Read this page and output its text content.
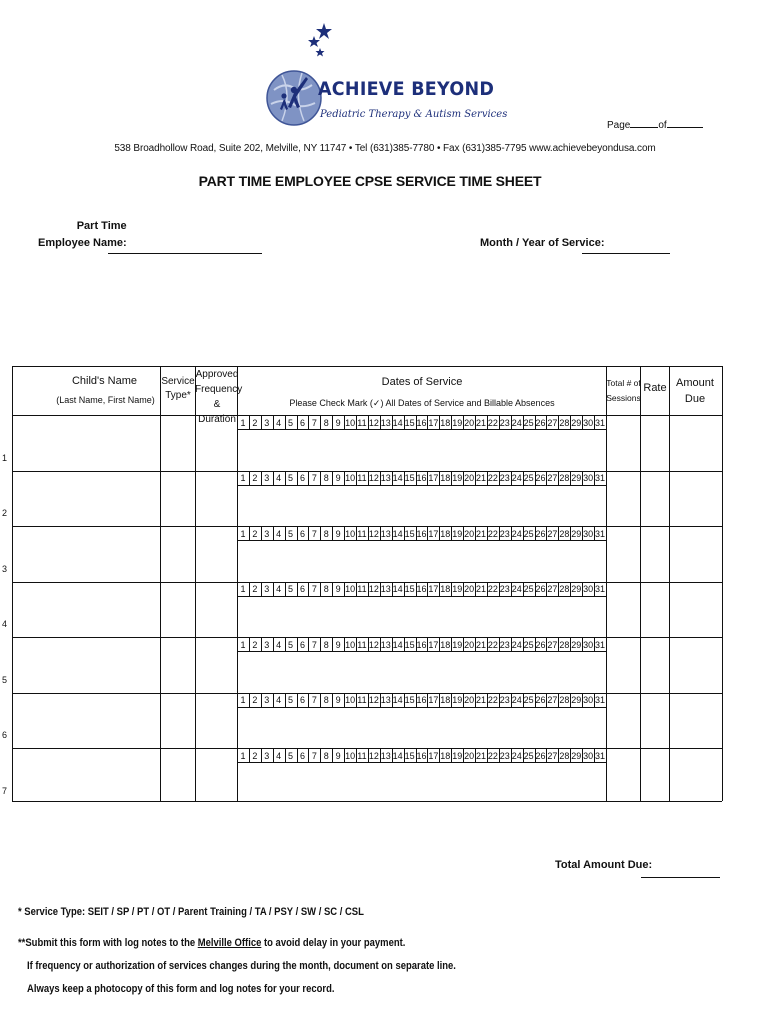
ACHIEVE BEYOND
Pediatric Therapy & Autism Services
Page	of
538 Broadhollow Road, Suite 202, Melville, NY 11747 • Tel (631)385-7780 • Fax (631)385-7795 www.achievebeyondusa.com
PART TIME EMPLOYEE CPSE SERVICE TIME SHEET
Part Time
Employee Name:	Month / Year of Service:
Child's Name
(Last Name, First Name)
Service
Type*
Approved
Frequency
& Duration
Dates of Service
Please Check Mark (✓) All Dates of Service and Billable Absences
Total # of
Sessions
Rate Amount
Due
1 2 3 4 5 6 7 8 9 10 11 12 13 14 15 16 17 18 19 20 21 22 23 24 25 26 27 28 29 30 31
1
1 2 3 4 5 6 7 8 9 10 11 12 13 14 15 16 17 18 19 20 21 22 23 24 25 26 27 28 29 30 31
2
1 2 3 4 5 6 7 8 9 10 11 12 13 14 15 16 17 18 19 20 21 22 23 24 25 26 27 28 29 30 31
3
1 2 3 4 5 6 7 8 9 10 11 12 13 14 15 16 17 18 19 20 21 22 23 24 25 26 27 28 29 30 31
4
1 2 3 4 5 6 7 8 9 10 11 12 13 14 15 16 17 18 19 20 21 22 23 24 25 26 27 28 29 30 31
5
1 2 3 4 5 6 7 8 9 10 11 12 13 14 15 16 17 18 19 20 21 22 23 24 25 26 27 28 29 30 31
6
1 2 3 4 5 6 7 8 9 10 11 12 13 14 15 16 17 18 19 20 21 22 23 24 25 26 27 28 29 30 31
7
Total Amount Due:
* Service Type: SEIT / SP / PT / OT / Parent Training / TA / PSY / SW / SC / CSL
**Submit this form with log notes to the Melville Office to avoid delay in your payment.
If frequency or authorization of services changes during the month, document on separate line.
Always keep a photocopy of this form and log notes for your record.
